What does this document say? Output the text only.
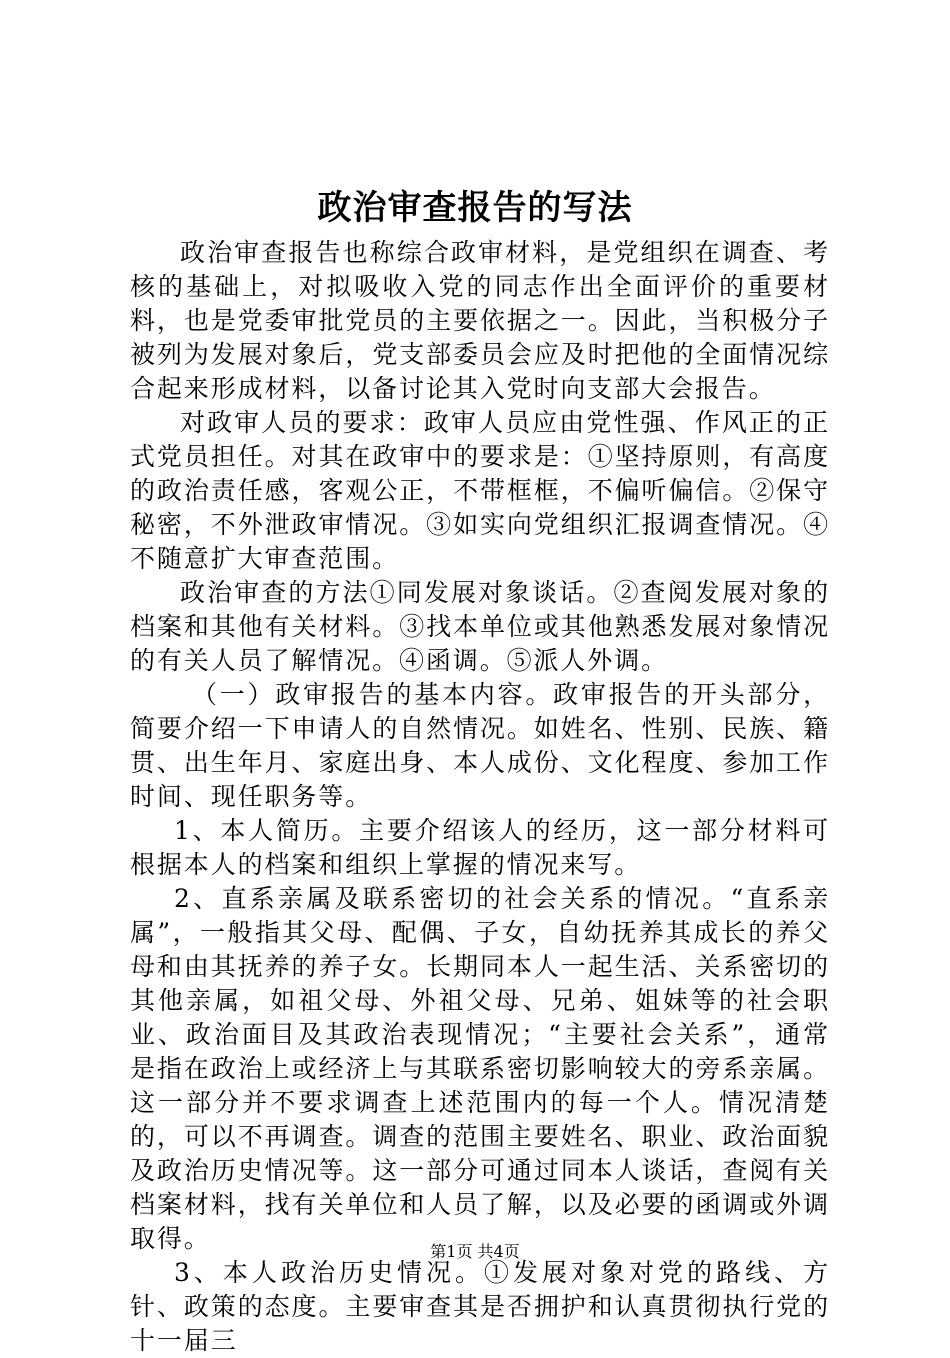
政治审查报告的写法

政治审查报告也称综合政审材料，是党组织在调查、考核的基础上，对拟吸收入党的同志作出全面评价的重要材料，也是党委审批党员的主要依据之一。因此，当积极分子被列为发展对象后，党支部委员会应及时把他的全面情况综合起来形成材料，以备讨论其入党时向支部大会报告。

对政审人员的要求：政审人员应由党性强、作风正的正式党员担任。对其在政审中的要求是：①坚持原则，有高度的政治责任感，客观公正，不带框框，不偏听偏信。②保守秘密，不外泄政审情况。③如实向党组织汇报调查情况。④不随意扩大审查范围。

政治审查的方法①同发展对象谈话。②查阅发展对象的档案和其他有关材料。③找本单位或其他熟悉发展对象情况的有关人员了解情况。④函调。⑤派人外调。

（一）政审报告的基本内容。政审报告的开头部分，简要介绍一下申请人的自然情况。如姓名、性别、民族、籍贯、出生年月、家庭出身、本人成份、文化程度、参加工作时间、现任职务等。

1、本人简历。主要介绍该人的经历，这一部分材料可根据本人的档案和组织上掌握的情况来写。

2、直系亲属及联系密切的社会关系的情况。“直系亲属”，一般指其父母、配偶、子女，自幼抚养其成长的养父母和由其抚养的养子女。长期同本人一起生活、关系密切的其他亲属，如祖父母、外祖父母、兄弟、姐妹等的社会职业、政治面目及其政治表现情况；“主要社会关系”，通常是指在政治上或经济上与其联系密切影响较大的旁系亲属。这一部分并不要求调查上述范围内的每一个人。情况清楚的，可以不再调查。调查的范围主要姓名、职业、政治面貌及政治历史情况等。这一部分可通过同本人谈话，查阅有关档案材料，找有关单位和人员了解，以及必要的函调或外调取得。

3、本人政治历史情况。①发展对象对党的路线、方针、政策的态度。主要审查其是否拥护和认真贯彻执行党的十一届三

第1页 共4页
